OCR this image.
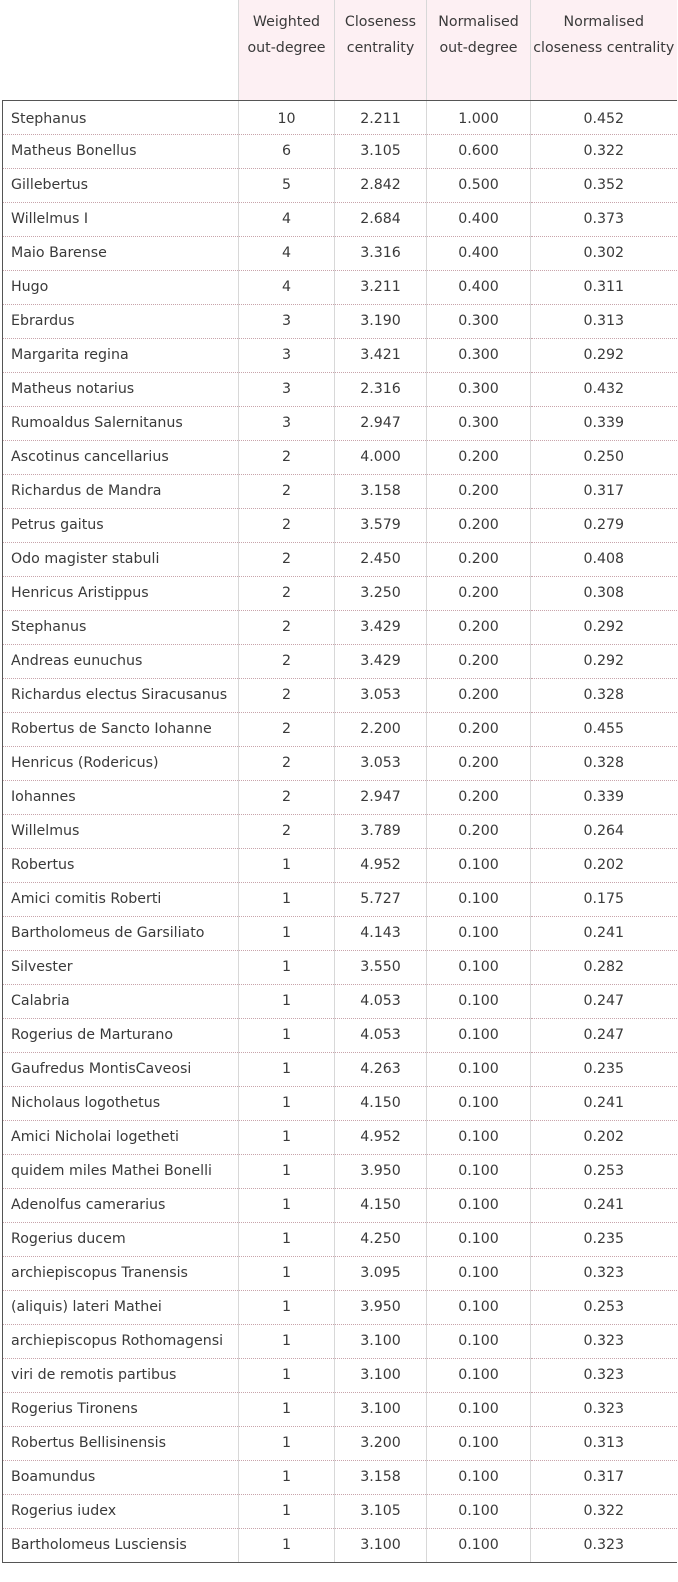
	Weighted out-degree	Closeness centrality	Normalised out-degree	Normalised closeness centrality
Stephanus	10	2.211	1.000	0.452
Matheus Bonellus	6	3.105	0.600	0.322
Gillebertus	5	2.842	0.500	0.352
Willelmus I	4	2.684	0.400	0.373
Maio Barense	4	3.316	0.400	0.302
Hugo	4	3.211	0.400	0.311
Ebrardus	3	3.190	0.300	0.313
Margarita regina	3	3.421	0.300	0.292
Matheus notarius	3	2.316	0.300	0.432
Rumoaldus Salernitanus	3	2.947	0.300	0.339
Ascotinus cancellarius	2	4.000	0.200	0.250
Richardus de Mandra	2	3.158	0.200	0.317
Petrus gaitus	2	3.579	0.200	0.279
Odo magister stabuli	2	2.450	0.200	0.408
Henricus Aristippus	2	3.250	0.200	0.308
Stephanus	2	3.429	0.200	0.292
Andreas eunuchus	2	3.429	0.200	0.292
Richardus electus Siracusanus	2	3.053	0.200	0.328
Robertus de Sancto Iohanne	2	2.200	0.200	0.455
Henricus (Rodericus)	2	3.053	0.200	0.328
Iohannes	2	2.947	0.200	0.339
Willelmus	2	3.789	0.200	0.264
Robertus	1	4.952	0.100	0.202
Amici comitis Roberti	1	5.727	0.100	0.175
Bartholomeus de Garsiliato	1	4.143	0.100	0.241
Silvester	1	3.550	0.100	0.282
Calabria	1	4.053	0.100	0.247
Rogerius de Marturano	1	4.053	0.100	0.247
Gaufredus MontisCaveosi	1	4.263	0.100	0.235
Nicholaus logothetus	1	4.150	0.100	0.241
Amici Nicholai logetheti	1	4.952	0.100	0.202
quidem miles Mathei Bonelli	1	3.950	0.100	0.253
Adenolfus camerarius	1	4.150	0.100	0.241
Rogerius ducem	1	4.250	0.100	0.235
archiepiscopus Tranensis	1	3.095	0.100	0.323
(aliquis) lateri Mathei	1	3.950	0.100	0.253
archiepiscopus Rothomagensi	1	3.100	0.100	0.323
viri de remotis partibus	1	3.100	0.100	0.323
Rogerius Tironens	1	3.100	0.100	0.323
Robertus Bellisinensis	1	3.200	0.100	0.313
Boamundus	1	3.158	0.100	0.317
Rogerius iudex	1	3.105	0.100	0.322
Bartholomeus Lusciensis	1	3.100	0.100	0.323
